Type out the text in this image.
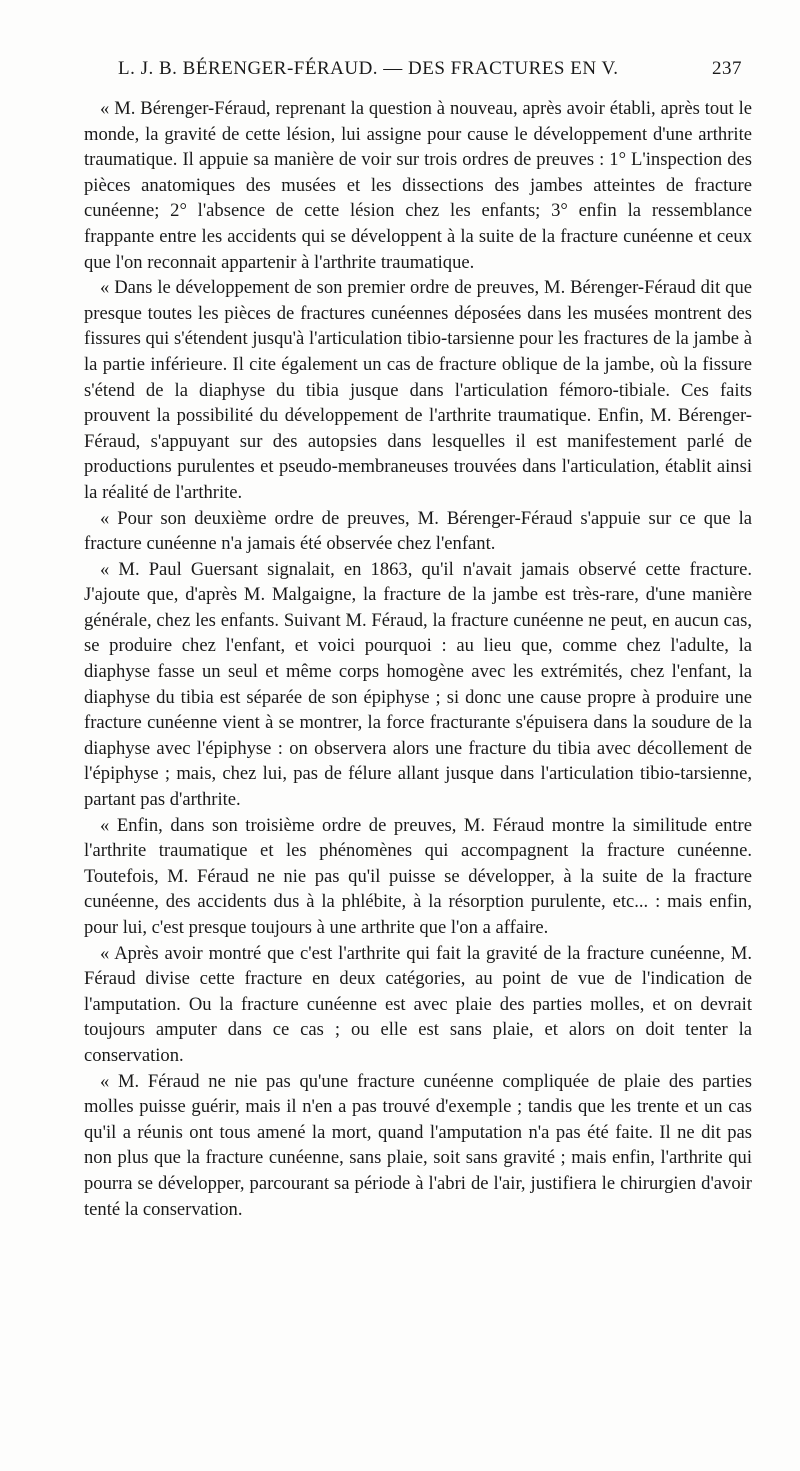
L. J. B. BÉRENGER-FÉRAUD. — DES FRACTURES EN V.	237

« M. Bérenger-Féraud, reprenant la question à nouveau, après avoir établi, après tout le monde, la gravité de cette lésion, lui assigne pour cause le développement d'une arthrite traumatique. Il appuie sa manière de voir sur trois ordres de preuves : 1° L'inspection des pièces anatomiques des musées et les dissections des jambes atteintes de fracture cunéenne; 2° l'absence de cette lésion chez les enfants; 3° enfin la ressemblance frappante entre les accidents qui se développent à la suite de la fracture cunéenne et ceux que l'on reconnait appartenir à l'arthrite traumatique.

« Dans le développement de son premier ordre de preuves, M. Bérenger-Féraud dit que presque toutes les pièces de fractures cunéennes déposées dans les musées montrent des fissures qui s'étendent jusqu'à l'articulation tibio-tarsienne pour les fractures de la jambe à la partie inférieure. Il cite également un cas de fracture oblique de la jambe, où la fissure s'étend de la diaphyse du tibia jusque dans l'articulation fémoro-tibiale. Ces faits prouvent la possibilité du développement de l'arthrite traumatique. Enfin, M. Bérenger-Féraud, s'appuyant sur des autopsies dans lesquelles il est manifestement parlé de productions purulentes et pseudo-membraneuses trouvées dans l'articulation, établit ainsi la réalité de l'arthrite.

« Pour son deuxième ordre de preuves, M. Bérenger-Féraud s'appuie sur ce que la fracture cunéenne n'a jamais été observée chez l'enfant.

« M. Paul Guersant signalait, en 1863, qu'il n'avait jamais observé cette fracture. J'ajoute que, d'après M. Malgaigne, la fracture de la jambe est très-rare, d'une manière générale, chez les enfants. Suivant M. Féraud, la fracture cunéenne ne peut, en aucun cas, se produire chez l'enfant, et voici pourquoi : au lieu que, comme chez l'adulte, la diaphyse fasse un seul et même corps homogène avec les extrémités, chez l'enfant, la diaphyse du tibia est séparée de son épiphyse ; si donc une cause propre à produire une fracture cunéenne vient à se montrer, la force fracturante s'épuisera dans la soudure de la diaphyse avec l'épiphyse : on observera alors une fracture du tibia avec décollement de l'épiphyse ; mais, chez lui, pas de félure allant jusque dans l'articulation tibio-tarsienne, partant pas d'arthrite.

« Enfin, dans son troisième ordre de preuves, M. Féraud montre la similitude entre l'arthrite traumatique et les phénomènes qui accompagnent la fracture cunéenne. Toutefois, M. Féraud ne nie pas qu'il puisse se développer, à la suite de la fracture cunéenne, des accidents dus à la phlébite, à la résorption purulente, etc... : mais enfin, pour lui, c'est presque toujours à une arthrite que l'on a affaire.

« Après avoir montré que c'est l'arthrite qui fait la gravité de la fracture cunéenne, M. Féraud divise cette fracture en deux catégories, au point de vue de l'indication de l'amputation. Ou la fracture cunéenne est avec plaie des parties molles, et on devrait toujours amputer dans ce cas ; ou elle est sans plaie, et alors on doit tenter la conservation.

« M. Féraud ne nie pas qu'une fracture cunéenne compliquée de plaie des parties molles puisse guérir, mais il n'en a pas trouvé d'exemple ; tandis que les trente et un cas qu'il a réunis ont tous amené la mort, quand l'amputation n'a pas été faite. Il ne dit pas non plus que la fracture cunéenne, sans plaie, soit sans gravité ; mais enfin, l'arthrite qui pourra se développer, parcourant sa période à l'abri de l'air, justifiera le chirurgien d'avoir tenté la conservation.
